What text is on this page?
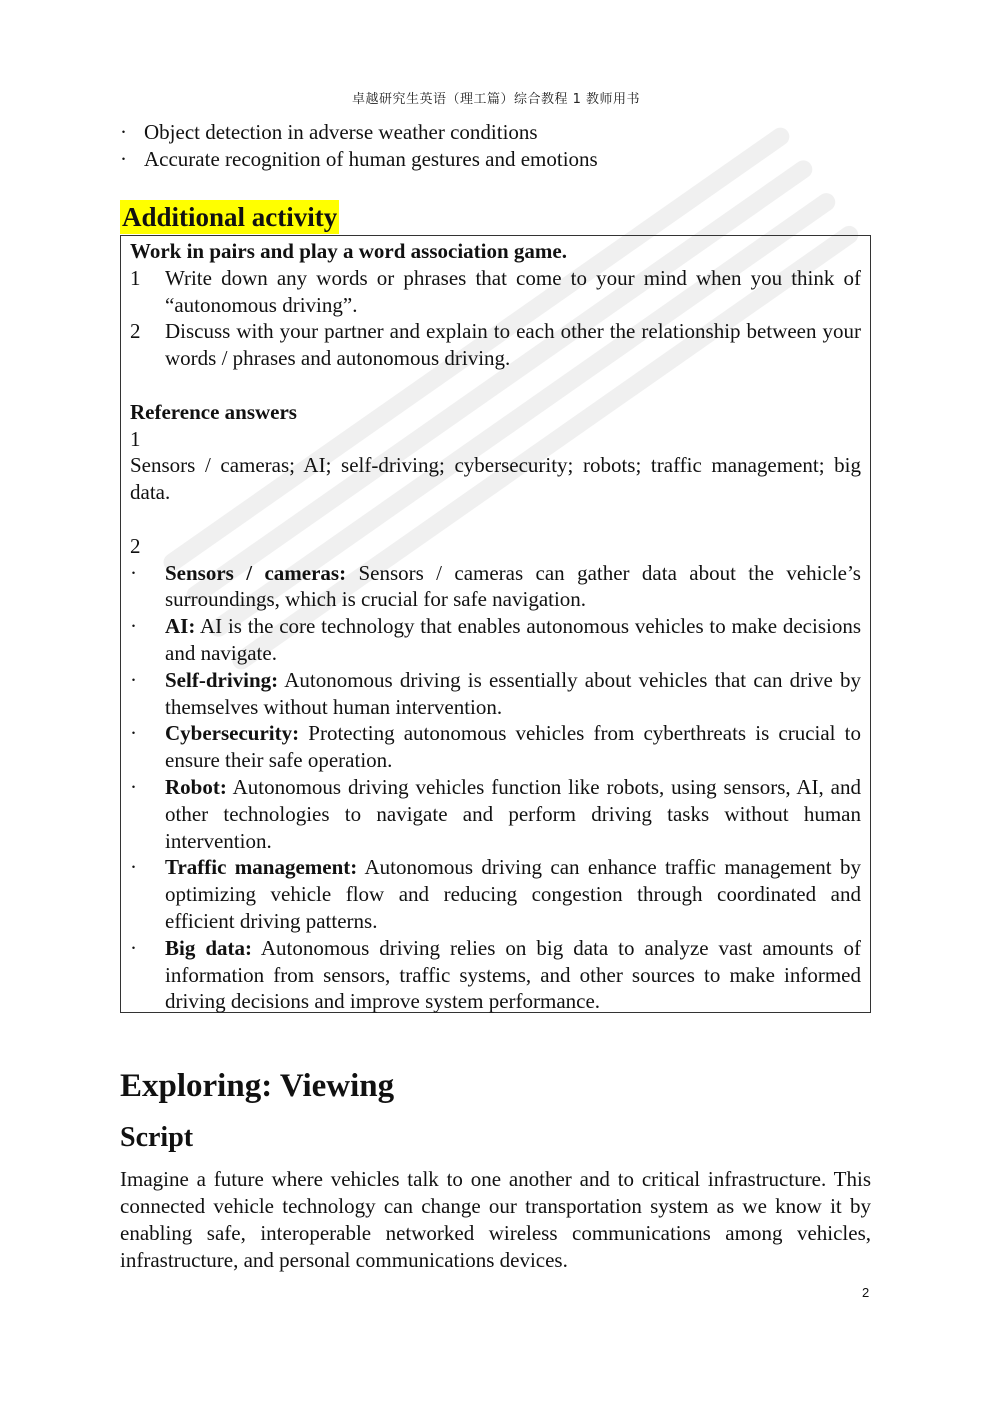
卓越研究生英语（理工篇）综合教程 1 教师用书
· Object detection in adverse weather conditions
· Accurate recognition of human gestures and emotions
Additional activity

Work in pairs and play a word association game.

1	Write down any words or phrases that come to your mind when you think of “autonomous driving”.
2	Discuss with your partner and explain to each other the relationship between your words / phrases and autonomous driving.

Reference answers

1

Sensors / cameras; AI; self-driving; cybersecurity; robots; traffic management; big data.

2

·	Sensors / cameras: Sensors / cameras can gather data about the vehicle’s surroundings, which is crucial for safe navigation.
·	AI: AI is the core technology that enables autonomous vehicles to make decisions and navigate.
·	Self-driving: Autonomous driving is essentially about vehicles that can drive by themselves without human intervention.
·	Cybersecurity: Protecting autonomous vehicles from cyberthreats is crucial to ensure their safe operation.
·	Robot: Autonomous driving vehicles function like robots, using sensors, AI, and other technologies to navigate and perform driving tasks without human intervention.
·	Traffic management: Autonomous driving can enhance traffic management by optimizing vehicle flow and reducing congestion through coordinated and efficient driving patterns.
·	Big data: Autonomous driving relies on big data to analyze vast amounts of information from sensors, traffic systems, and other sources to make informed driving decisions and improve system performance.
Exploring: Viewing
Script
Imagine a future where vehicles talk to one another and to critical infrastructure. This connected vehicle technology can change our transportation system as we know it by enabling safe, interoperable networked wireless communications among vehicles, infrastructure, and personal communications devices.
2
